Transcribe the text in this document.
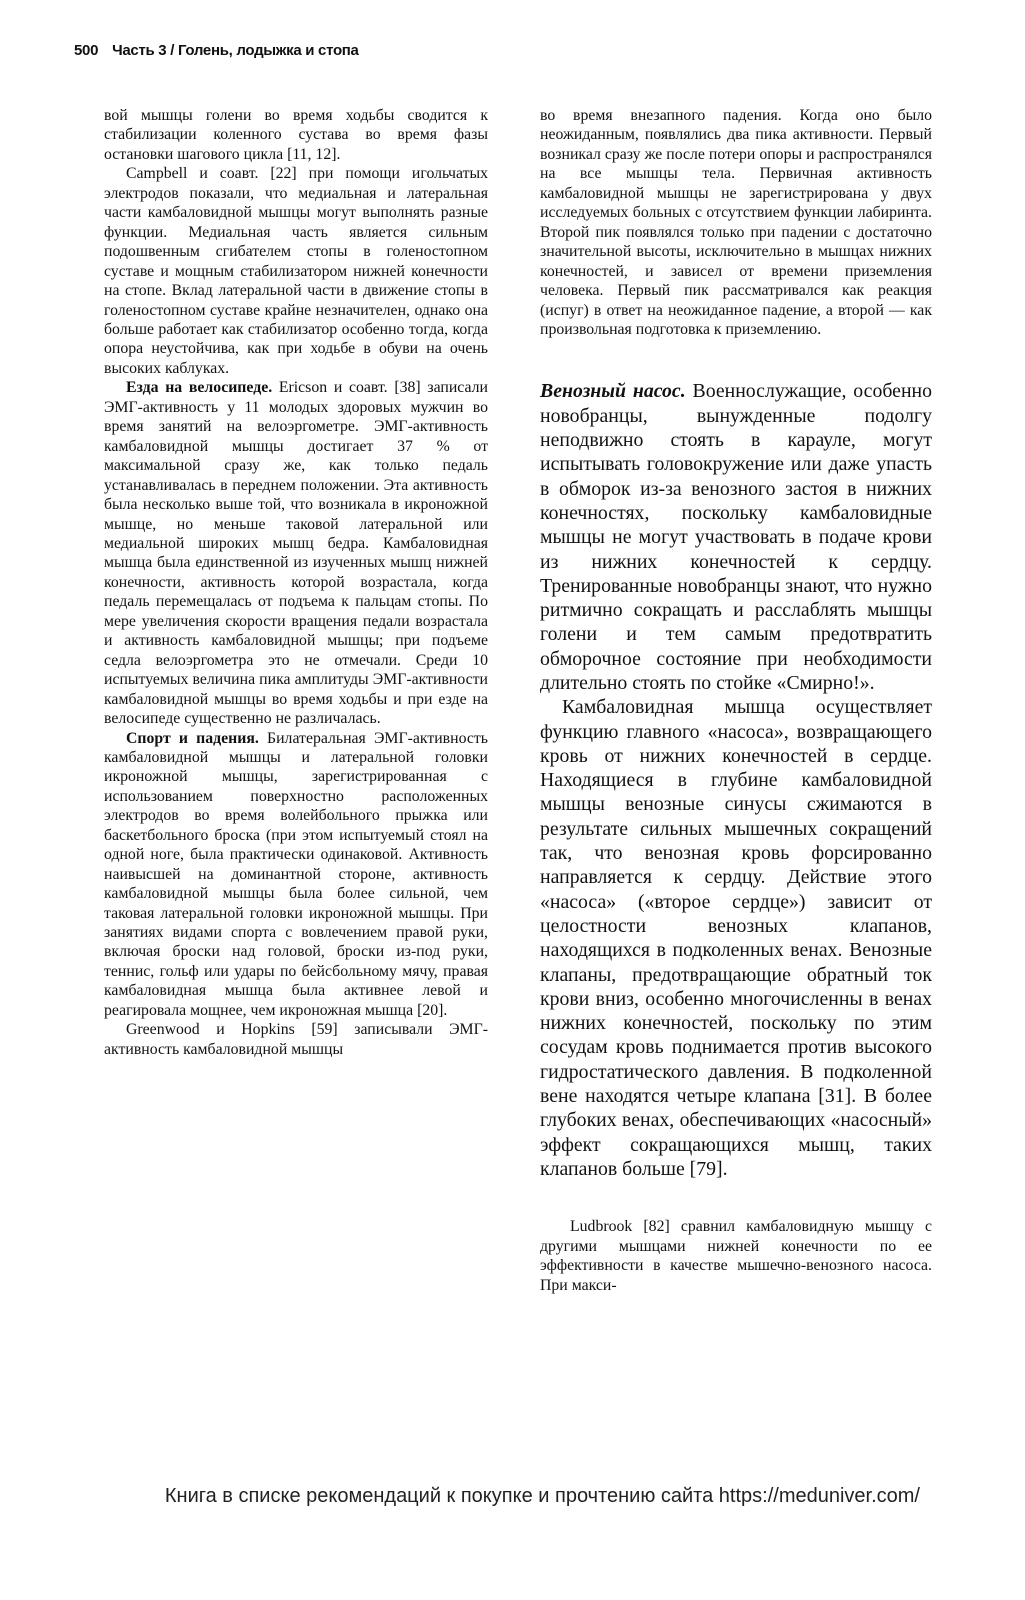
500 Часть 3 / Голень, лодыжка и стопа

вой мышцы голени во время ходьбы сводится к стабилизации коленного сустава во время фазы остановки шагового цикла [11, 12].

Campbell и соавт. [22] при помощи игольчатых электродов показали, что медиальная и латеральная части камбаловидной мышцы могут выполнять разные функции. Медиальная часть является сильным подошвенным сгибателем стопы в голеностопном суставе и мощным стабилизатором нижней конечности на стопе. Вклад латеральной части в движение стопы в голеностопном суставе крайне незначителен, однако она больше работает как стабилизатор особенно тогда, когда опора неустойчива, как при ходьбе в обуви на очень высоких каблуках.

Езда на велосипеде. Ericson и соавт. [38] записали ЭМГ-активность у 11 молодых здоровых мужчин во время занятий на велоэргометре. ЭМГ-активность камбаловидной мышцы достигает 37 % от максимальной сразу же, как только педаль устанавливалась в переднем положении. Эта активность была несколько выше той, что возникала в икроножной мышце, но меньше таковой латеральной или медиальной широких мышц бедра. Камбаловидная мышца была единственной из изученных мышц нижней конечности, активность которой возрастала, когда педаль перемещалась от подъема к пальцам стопы. По мере увеличения скорости вращения педали возрастала и активность камбаловидной мышцы; при подъеме седла велоэргометра это не отмечали. Среди 10 испытуемых величина пика амплитуды ЭМГ-активности камбаловидной мышцы во время ходьбы и при езде на велосипеде существенно не различалась.

Спорт и падения. Билатеральная ЭМГ-активность камбаловидной мышцы и латеральной головки икроножной мышцы, зарегистрированная с использованием поверхностно расположенных электродов во время волейбольного прыжка или баскетбольного броска (при этом испытуемый стоял на одной ноге, была практически одинаковой. Активность наивысшей на доминантной стороне, активность камбаловидной мышцы была более сильной, чем таковая латеральной головки икроножной мышцы. При занятиях видами спорта с вовлечением правой руки, включая броски над головой, броски из-под руки, теннис, гольф или удары по бейсбольному мячу, правая камбаловидная мышца была активнее левой и реагировала мощнее, чем икроножная мышца [20].

Greenwood и Hopkins [59] записывали ЭМГ-активность камбаловидной мышцы

во время внезапного падения. Когда оно было неожиданным, появлялись два пика активности. Первый возникал сразу же после потери опоры и распространялся на все мышцы тела. Первичная активность камбаловидной мышцы не зарегистрирована у двух исследуемых больных с отсутствием функции лабиринта. Второй пик появлялся только при падении с достаточно значительной высоты, исключительно в мышцах нижних конечностей, и зависел от времени приземления человека. Первый пик рассматривался как реакция (испуг) в ответ на неожиданное падение, а второй — как произвольная подготовка к приземлению.

Венозный насос. Военнослужащие, особенно новобранцы, вынужденные подолгу неподвижно стоять в карауле, могут испытывать головокружение или даже упасть в обморок из-за венозного застоя в нижних конечностях, поскольку камбаловидные мышцы не могут участвовать в подаче крови из нижних конечностей к сердцу. Тренированные новобранцы знают, что нужно ритмично сокращать и расслаблять мышцы голени и тем самым предотвратить обморочное состояние при необходимости длительно стоять по стойке «Смирно!».

Камбаловидная мышца осуществляет функцию главного «насоса», возвращающего кровь от нижних конечностей в сердце. Находящиеся в глубине камбаловидной мышцы венозные синусы сжимаются в результате сильных мышечных сокращений так, что венозная кровь форсированно направляется к сердцу. Действие этого «насоса» («второе сердце») зависит от целостности венозных клапанов, находящихся в подколенных венах. Венозные клапаны, предотвращающие обратный ток крови вниз, особенно многочисленны в венах нижних конечностей, поскольку по этим сосудам кровь поднимается против высокого гидростатического давления. В подколенной вене находятся четыре клапана [31]. В более глубоких венах, обеспечивающих «насосный» эффект сокращающихся мышц, таких клапанов больше [79].

Ludbrook [82] сравнил камбаловидную мышцу с другими мышцами нижней конечности по ее эффективности в качестве мышечно-венозного насоса. При макси-

Книга в списке рекомендаций к покупке и прочтению сайта https://meduniver.com/
